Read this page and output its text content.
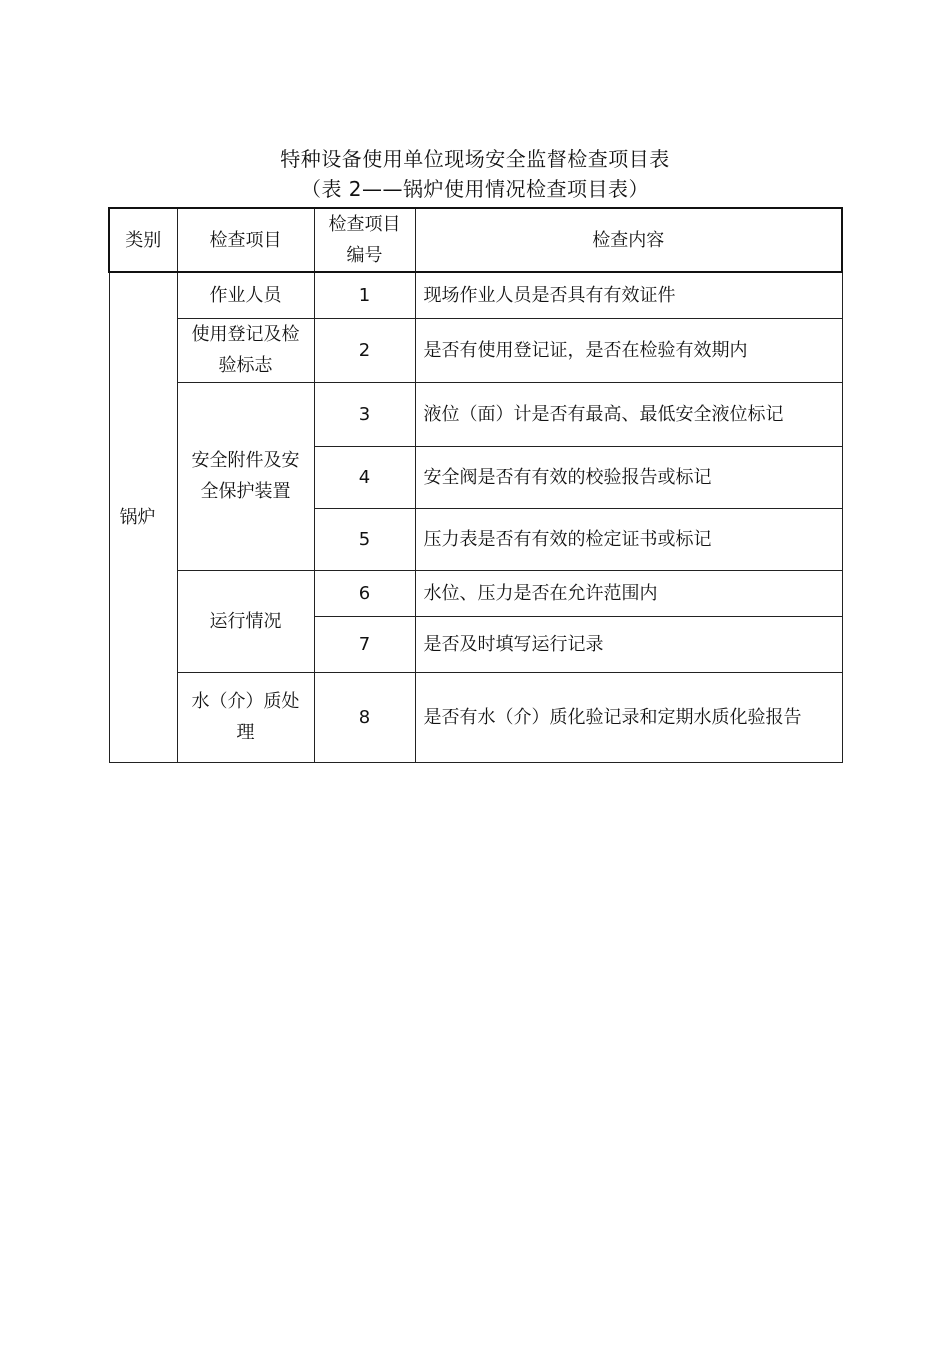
特种设备使用单位现场安全监督检查项目表
（表 2——锅炉使用情况检查项目表）
类别	检查项目	检查项目编号	检查内容
锅炉	作业人员	1	现场作业人员是否具有有效证件
	使用登记及检验标志	2	是否有使用登记证，是否在检验有效期内
	安全附件及安全保护装置	3	液位（面）计是否有最高、最低安全液位标记
		4	安全阀是否有有效的校验报告或标记
		5	压力表是否有有效的检定证书或标记
	运行情况	6	水位、压力是否在允许范围内
		7	是否及时填写运行记录
	水（介）质处理	8	是否有水（介）质化验记录和定期水质化验报告
